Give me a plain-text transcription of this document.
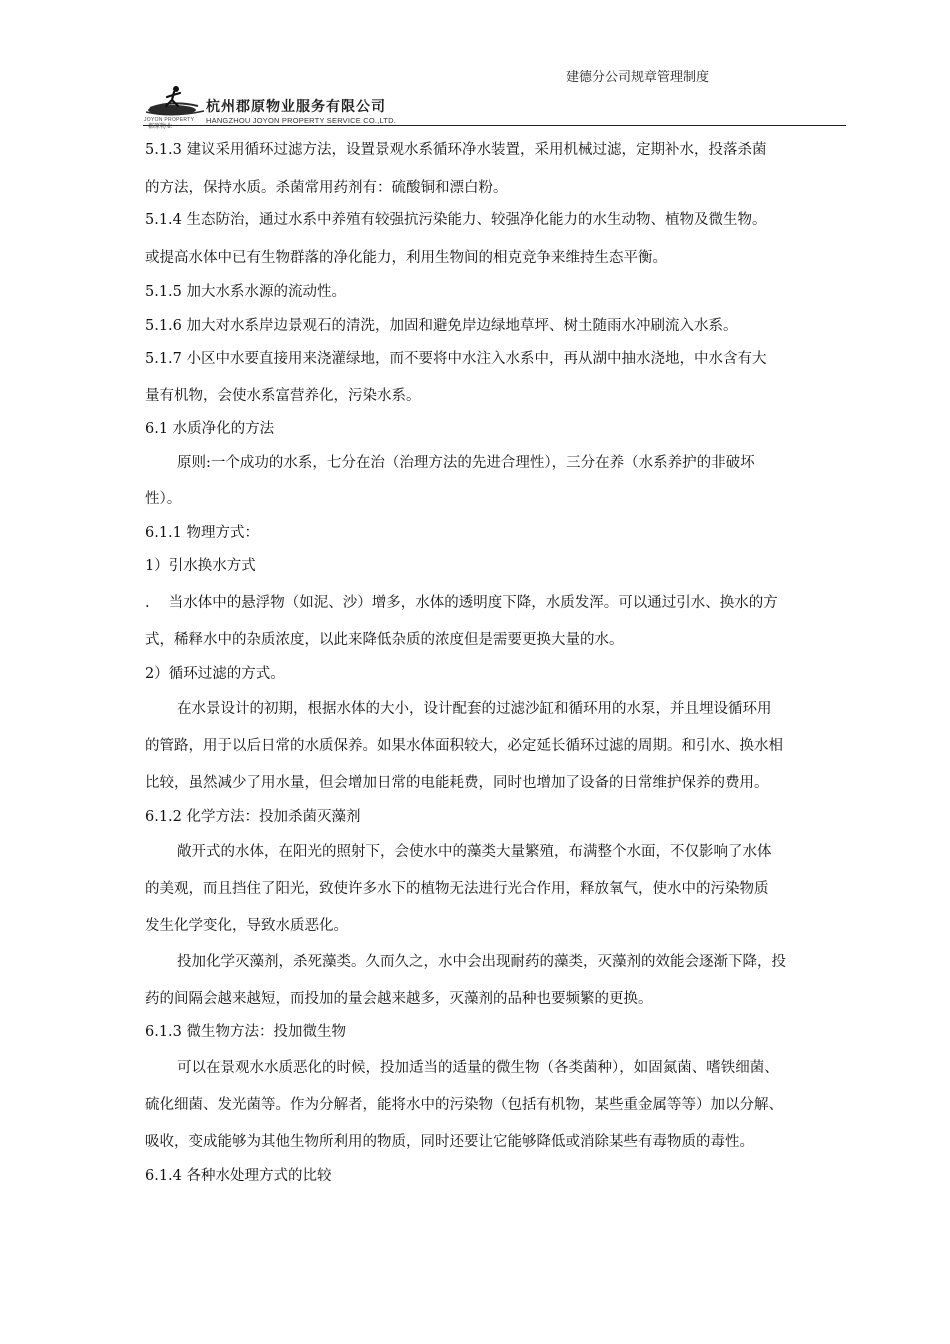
建德分公司规章管理制度
JOYON PROPERTY
郡原物业
杭州郡原物业服务有限公司
HANGZHOU JOYON PROPERTY SERVICE CO.,LTD.
5.1.3 建议采用循环过滤方法，设置景观水系循环净水装置，采用机械过滤，定期补水，投落杀菌
的方法，保持水质。杀菌常用药剂有：硫酸铜和漂白粉。
5.1.4 生态防治，通过水系中养殖有较强抗污染能力、较强净化能力的水生动物、植物及微生物。
或提高水体中已有生物群落的净化能力，利用生物间的相克竞争来维持生态平衡。
5.1.5 加大水系水源的流动性。
5.1.6 加大对水系岸边景观石的清洗，加固和避免岸边绿地草坪、树土随雨水冲刷流入水系。
5.1.7 小区中水要直接用来浇灌绿地，而不要将中水注入水系中，再从湖中抽水浇地，中水含有大
量有机物，会使水系富营养化，污染水系。
6.1 水质净化的方法
原则:一个成功的水系，七分在治（治理方法的先进合理性），三分在养（水系养护的非破坏
性）。
6.1.1 物理方式：
1）引水换水方式
.　 当水体中的悬浮物（如泥、沙）增多，水体的透明度下降，水质发浑。可以通过引水、换水的方
式，稀释水中的杂质浓度，以此来降低杂质的浓度但是需要更换大量的水。
2）循环过滤的方式。
在水景设计的初期，根据水体的大小，设计配套的过滤沙缸和循环用的水泵，并且埋设循环用
的管路，用于以后日常的水质保养。如果水体面积较大，必定延长循环过滤的周期。和引水、换水相
比较，虽然减少了用水量，但会增加日常的电能耗费，同时也增加了设备的日常维护保养的费用。
6.1.2 化学方法：投加杀菌灭藻剂
敞开式的水体，在阳光的照射下，会使水中的藻类大量繁殖，布满整个水面，不仅影响了水体
的美观，而且挡住了阳光，致使许多水下的植物无法进行光合作用，释放氧气，使水中的污染物质
发生化学变化，导致水质恶化。
投加化学灭藻剂，杀死藻类。久而久之，水中会出现耐药的藻类，灭藻剂的效能会逐渐下降，投
药的间隔会越来越短，而投加的量会越来越多，灭藻剂的品种也要频繁的更换。
6.1.3 微生物方法：投加微生物
可以在景观水水质恶化的时候，投加适当的适量的微生物（各类菌种），如固氮菌、嗜铁细菌、
硫化细菌、发光菌等。作为分解者，能将水中的污染物（包括有机物，某些重金属等等）加以分解、
吸收，变成能够为其他生物所利用的物质，同时还要让它能够降低或消除某些有毒物质的毒性。
6.1.4 各种水处理方式的比较
